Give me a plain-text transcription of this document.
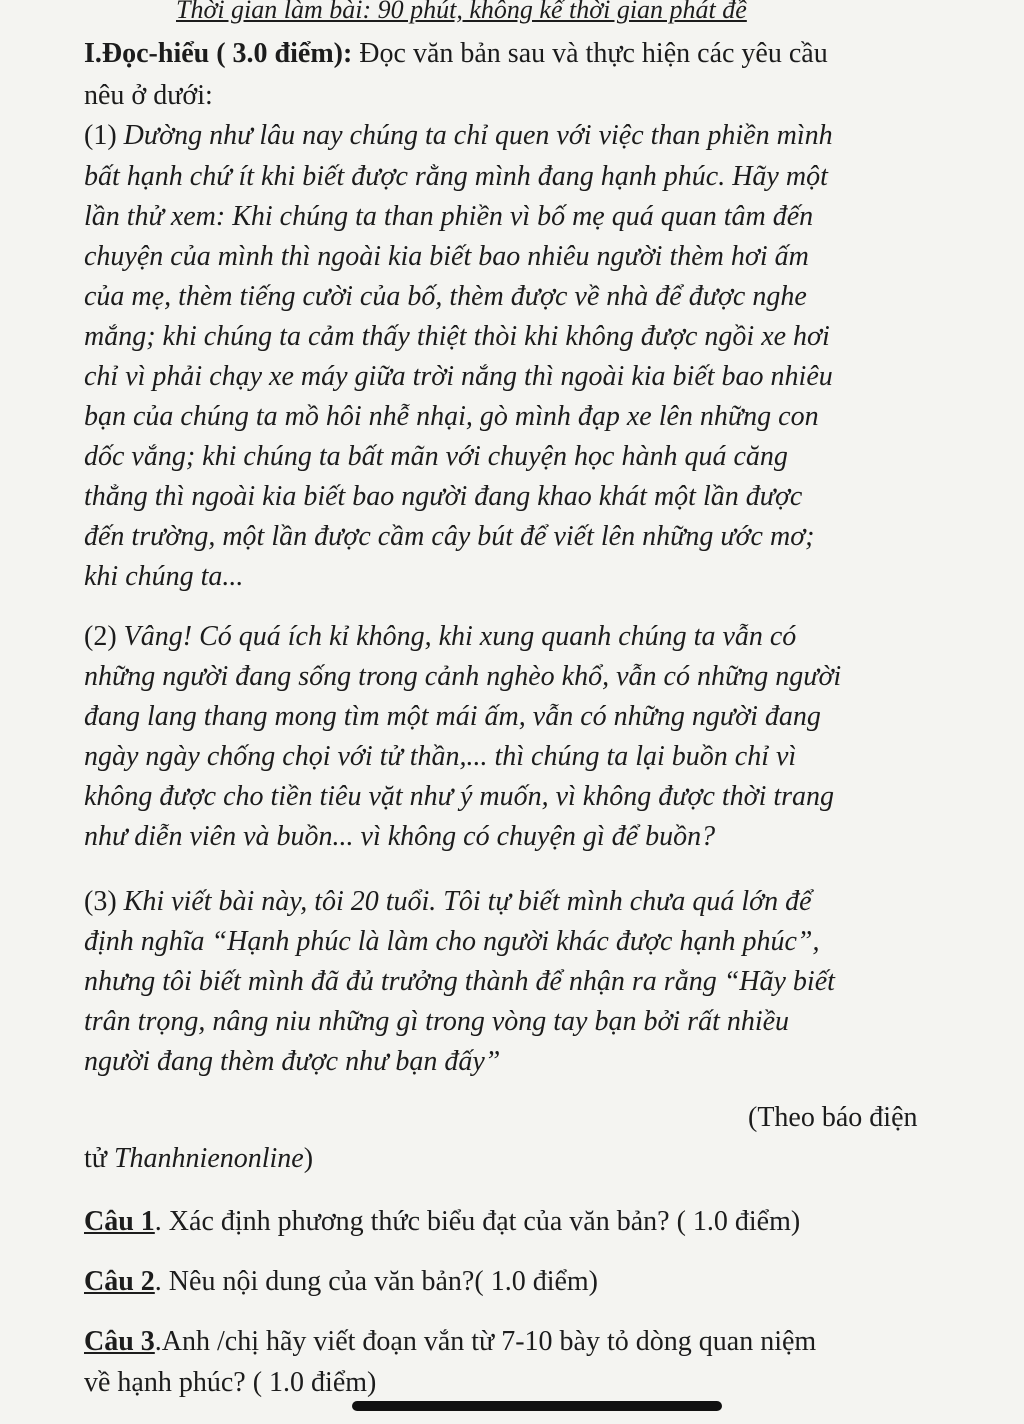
Thời gian làm bài: 90 phút, không kể thời gian phát đề
I.Đọc-hiểu ( 3.0 điểm): Đọc văn bản sau và thực hiện các yêu cầu
nêu ở dưới:
(1) Dường như lâu nay chúng ta chỉ quen với việc than phiền mình
bất hạnh chứ ít khi biết được rằng mình đang hạnh phúc. Hãy một
lần thử xem: Khi chúng ta than phiền vì bố mẹ quá quan tâm đến
chuyện của mình thì ngoài kia biết bao nhiêu người thèm hơi ấm
của mẹ, thèm tiếng cười của bố, thèm được về nhà để được nghe
mắng; khi chúng ta cảm thấy thiệt thòi khi không được ngồi xe hơi
chỉ vì phải chạy xe máy giữa trời nắng thì ngoài kia biết bao nhiêu
bạn của chúng ta mồ hôi nhễ nhại, gò mình đạp xe lên những con
dốc vắng; khi chúng ta bất mãn với chuyện học hành quá căng
thẳng thì ngoài kia biết bao người đang khao khát một lần được
đến trường, một lần được cầm cây bút để viết lên những ước mơ;
khi chúng ta...
(2) Vâng! Có quá ích kỉ không, khi xung quanh chúng ta vẫn có
những người đang sống trong cảnh nghèo khổ, vẫn có những người
đang lang thang mong tìm một mái ấm, vẫn có những người đang
ngày ngày chống chọi với tử thần,... thì chúng ta lại buồn chỉ vì
không được cho tiền tiêu vặt như ý muốn, vì không được thời trang
như diễn viên và buồn... vì không có chuyện gì để buồn?
(3) Khi viết bài này, tôi 20 tuổi. Tôi tự biết mình chưa quá lớn để
định nghĩa “Hạnh phúc là làm cho người khác được hạnh phúc”,
nhưng tôi biết mình đã đủ trưởng thành để nhận ra rằng “Hãy biết
trân trọng, nâng niu những gì trong vòng tay bạn bởi rất nhiều
người đang thèm được như bạn đấy”
(Theo báo điện
tử Thanhnienonline)
Câu 1. Xác định phương thức biểu đạt của văn bản? ( 1.0 điểm)
Câu 2. Nêu nội dung của văn bản?( 1.0 điểm)
Câu 3.Anh /chị hãy viết đoạn vắn từ 7-10 bày tỏ dòng quan niệm
về hạnh phúc? ( 1.0 điểm)
